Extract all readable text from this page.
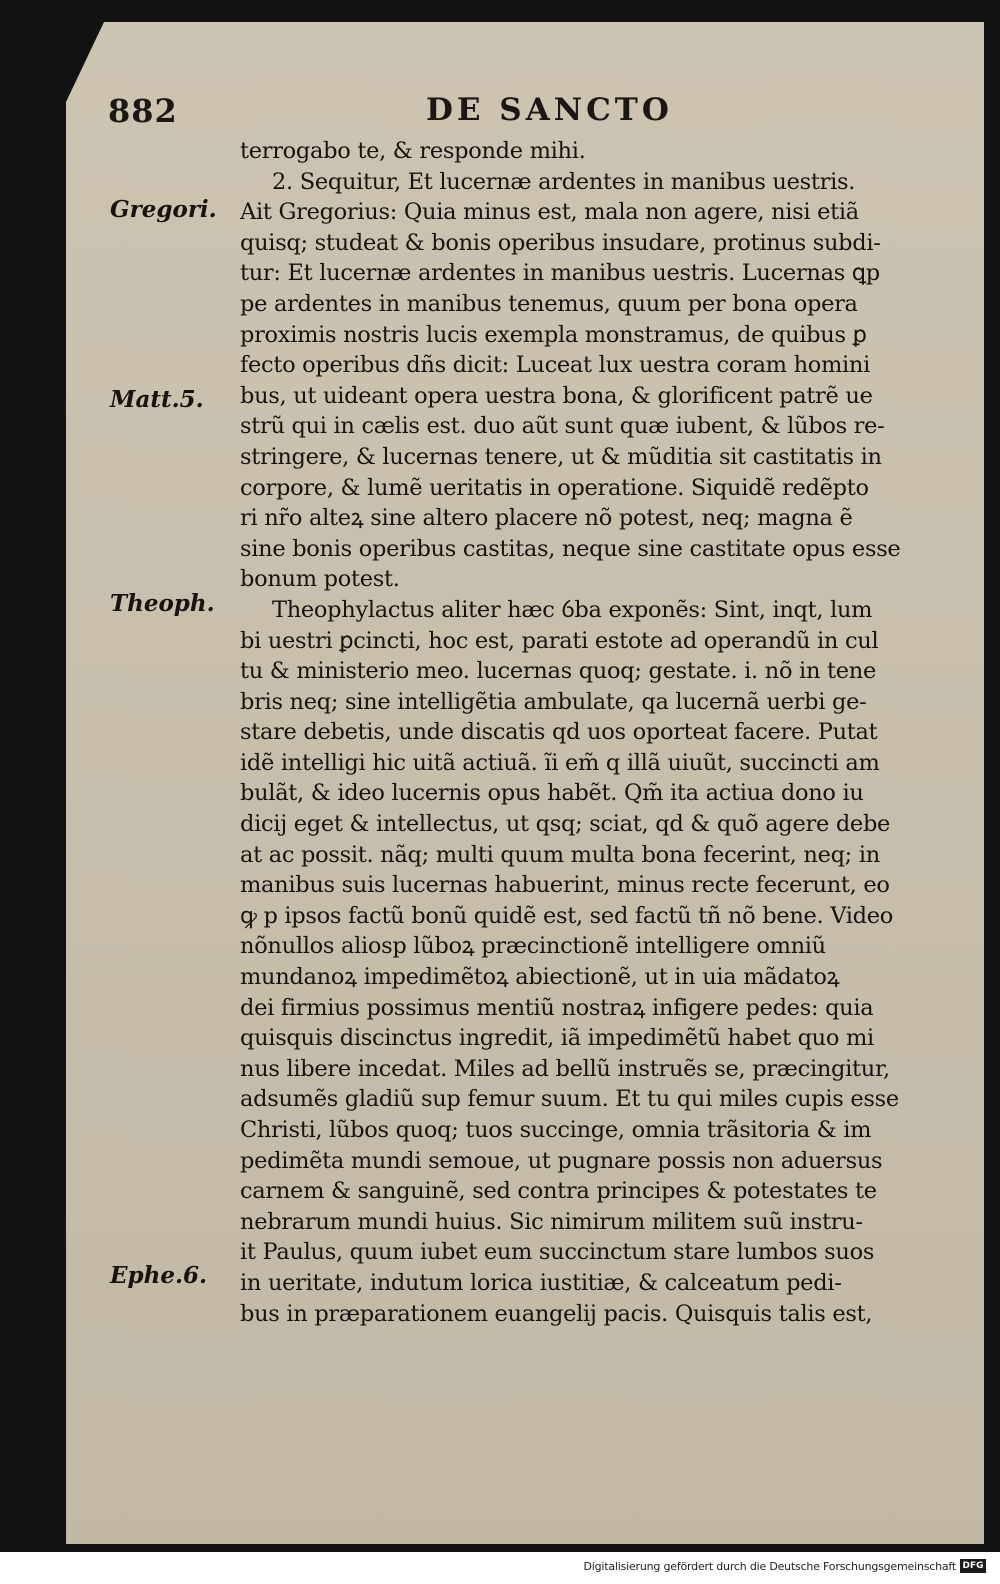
882	DE SANCTO
Gregori.
Matt.5.
Theoph.
Ephe.6.
terrogabo te, & responde mihi.
2. Sequitur, Et lucernæ ardentes in manibus uestris.
Ait Gregorius: Quia minus est, mala non agere, nisi etiã
quisq; studeat & bonis operibus insudare, protinus subdi-
tur: Et lucernæ ardentes in manibus uestris. Lucernas ꝗp
pe ardentes in manibus tenemus, quum per bona opera
proximis nostris lucis exempla monstramus, de quibus ꝑ
fecto operibus dñs dicit: Luceat lux uestra coram homini
bus, ut uideant opera uestra bona, & glorificent patrẽ ue
strũ qui in cælis est. duo aũt sunt quæ iubent, & lũbos re-
stringere, & lucernas tenere, ut & mũditia sit castitatis in
corpore, & lumẽ ueritatis in operatione. Siquidẽ redẽpto
ri nr̃o alteꝝ sine altero placere nõ potest, neq; magna ẽ
sine bonis operibus castitas, neque sine castitate opus esse
bonum potest.
Theophylactus aliter hæc ỽba exponẽs: Sint, inqt, lum
bi uestri ꝑcincti, hoc est, parati estote ad operandũ in cul
tu & ministerio meo. lucernas quoq; gestate. i. nõ in tene
bris neq; sine intelligẽtia ambulate, qa lucernã uerbi ge-
stare debetis, unde discatis qd uos oporteat facere. Putat
idẽ intelligi hic uitã actiuã. ĩi em̃ q illã uiuũt, succincti am
bulãt, & ideo lucernis opus habẽt. Qm̃ ita actiua dono iu
dicij eget & intellectus, ut qsq; sciat, qd & quõ agere debe
at ac possit. nãq; multi quum multa bona fecerint, neq; in
manibus suis lucernas habuerint, minus recte fecerunt, eo
ꝙ p ipsos factũ bonũ quidẽ est, sed factũ tñ nõ bene. Video
nõnullos aliosp lũboꝝ præcinctionẽ intelligere omniũ
mundanoꝝ impedimẽtoꝝ abiectionẽ, ut in uia mãdatoꝝ
dei firmius possimus mentiũ nostraꝝ infigere pedes: quia
quisquis discinctus ingredit, iã impedimẽtũ habet quo mi
nus libere incedat. Miles ad bellũ instruẽs se, præcingitur,
adsumẽs gladiũ sup femur suum. Et tu qui miles cupis esse
Christi, lũbos quoq; tuos succinge, omnia trãsitoria & im
pedimẽta mundi semoue, ut pugnare possis non aduersus
carnem & sanguinẽ, sed contra principes & potestates te
nebrarum mundi huius. Sic nimirum militem suũ instru-
it Paulus, quum iubet eum succinctum stare lumbos suos
in ueritate, indutum lorica iustitiæ, & calceatum pedi-
bus in præparationem euangelij pacis. Quisquis talis est,
Digitalisierung gefördert durch die Deutsche Forschungsgemeinschaft DFG
